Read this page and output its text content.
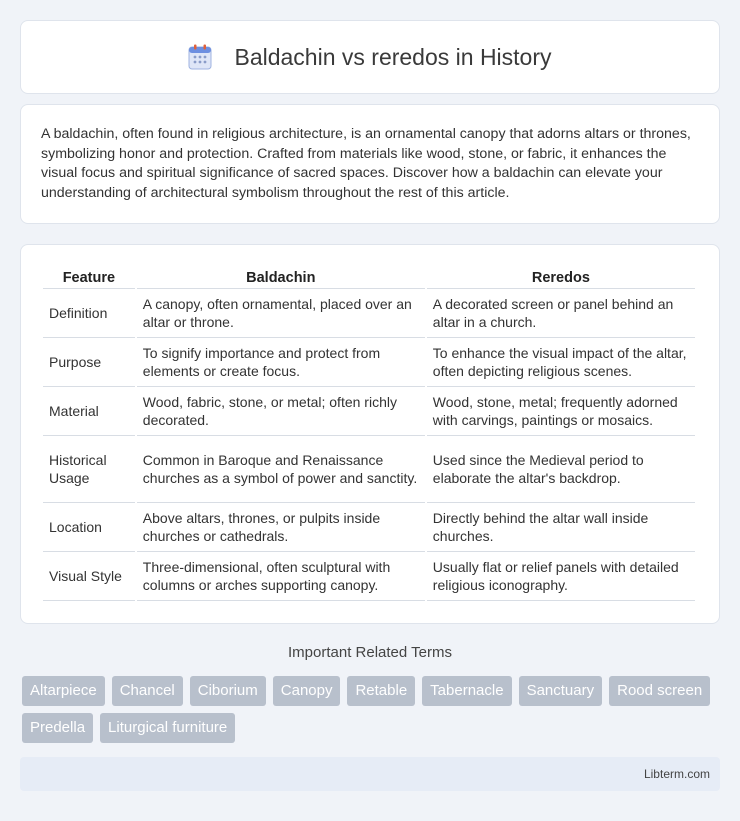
Baldachin vs reredos in History

A baldachin, often found in religious architecture, is an ornamental canopy that adorns altars or thrones, symbolizing honor and protection. Crafted from materials like wood, stone, or fabric, it enhances the visual focus and spiritual significance of sacred spaces. Discover how a baldachin can elevate your understanding of architectural symbolism throughout the rest of this article.

Feature	Baldachin	Reredos
Definition	A canopy, often ornamental, placed over an altar or throne.	A decorated screen or panel behind an altar in a church.
Purpose	To signify importance and protect from elements or create focus.	To enhance the visual impact of the altar, often depicting religious scenes.
Material	Wood, fabric, stone, or metal; often richly decorated.	Wood, stone, metal; frequently adorned with carvings, paintings or mosaics.
Historical Usage	Common in Baroque and Renaissance churches as a symbol of power and sanctity.	Used since the Medieval period to elaborate the altar's backdrop.
Location	Above altars, thrones, or pulpits inside churches or cathedrals.	Directly behind the altar wall inside churches.
Visual Style	Three-dimensional, often sculptural with columns or arches supporting canopy.	Usually flat or relief panels with detailed religious iconography.
Important Related Terms
Altarpiece	Chancel	Ciborium	Canopy	Retable	Tabernacle	Sanctuary	Rood screen
Predella	Liturgical furniture
Libterm.com
